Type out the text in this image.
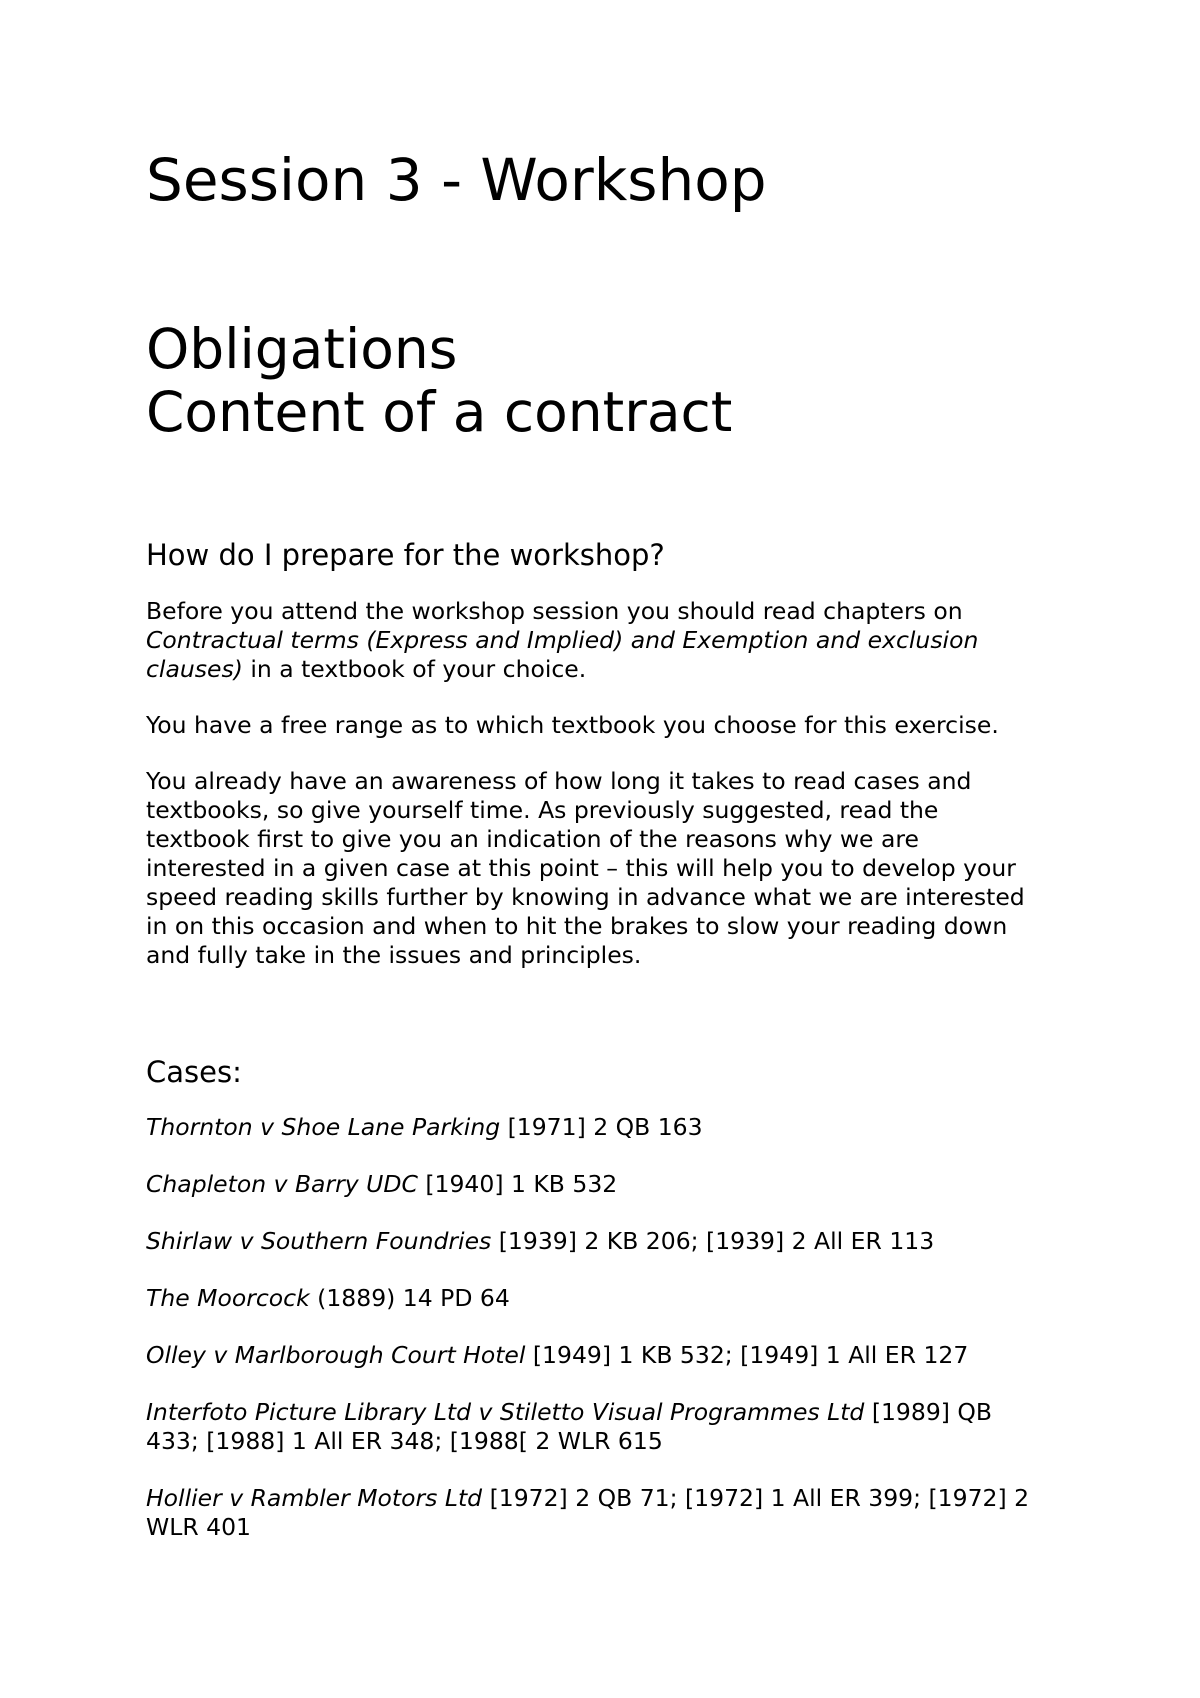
Session 3 - Workshop
Obligations
Content of a contract
How do I prepare for the workshop?

Before you attend the workshop session you should read chapters on
Contractual terms (Express and Implied) and Exemption and exclusion
clauses) in a textbook of your choice.

You have a free range as to which textbook you choose for this exercise.

You already have an awareness of how long it takes to read cases and
textbooks, so give yourself time. As previously suggested, read the
textbook first to give you an indication of the reasons why we are
interested in a given case at this point – this will help you to develop your
speed reading skills further by knowing in advance what we are interested
in on this occasion and when to hit the brakes to slow your reading down
and fully take in the issues and principles.

Cases:
Thornton v Shoe Lane Parking [1971] 2 QB 163
Chapleton v Barry UDC [1940] 1 KB 532
Shirlaw v Southern Foundries [1939] 2 KB 206; [1939] 2 All ER 113
The Moorcock (1889) 14 PD 64
Olley v Marlborough Court Hotel [1949] 1 KB 532; [1949] 1 All ER 127
Interfoto Picture Library Ltd v Stiletto Visual Programmes Ltd [1989] QB
433; [1988] 1 All ER 348; [1988[ 2 WLR 615
Hollier v Rambler Motors Ltd [1972] 2 QB 71; [1972] 1 All ER 399; [1972] 2
WLR 401
